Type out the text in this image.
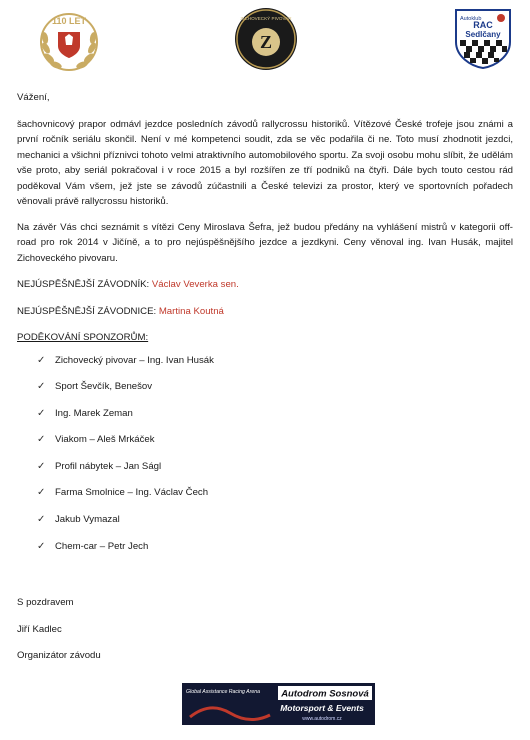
110 LET
Z
ZICHOVECKÝ PIVOVAR	Autoklub
RAC
Sedlčany

Vážení,

šachovnicový prapor odmávl jezdce posledních závodů rallycrossu historiků. Vítězové České trofeje jsou známi a první ročník seriálu skončil. Není v mé kompetenci soudit, zda se věc podařila či ne. Toto musí zhodnotit jezdci, mechanici a všichni příznivci tohoto velmi atraktivního automobilového sportu. Za svoji osobu mohu slíbit, že udělám vše proto, aby seriál pokračoval i v roce 2015 a byl rozšířen ze tří podniků na čtyři. Dále bych touto cestou rád poděkoval Vám všem, jež jste se závodů zúčastnili a České televizi za prostor, který ve sportovních pořadech věnovali právě rallycrossu historiků.

Na závěr Vás chci seznámit s vítězi Ceny Miroslava Šefra, jež budou předány na vyhlášení mistrů v kategorii off-road pro rok 2014 v Jičíně, a to pro nejúspěšnějšího jezdce a jezdkyni. Ceny věnoval ing. Ivan Husák, majitel Zichoveckého pivovaru.

NEJÚSPĚŠNĚJŠÍ ZÁVODNÍK: Václav Veverka sen.

NEJÚSPĚŠNĚJŠÍ ZÁVODNICE: Martina Koutná

PODĚKOVÁNÍ SPONZORŮM:

✓	Zichovecký pivovar – Ing. Ivan Husák
✓	Sport Ševčík, Benešov
✓	Ing. Marek Zeman
✓	Viakom – Aleš Mrkáček
✓	Profil nábytek – Jan Ságl
✓	Farma Smolnice – Ing. Václav Čech
✓	Jakub Vymazal
✓	Chem-car – Petr Jech

S pozdravem

Jiří Kadlec

Organizátor závodu

Global Assistance Racing Arena Autodrom Sosnová
Motorsport & Events
www.autodrom.cz
